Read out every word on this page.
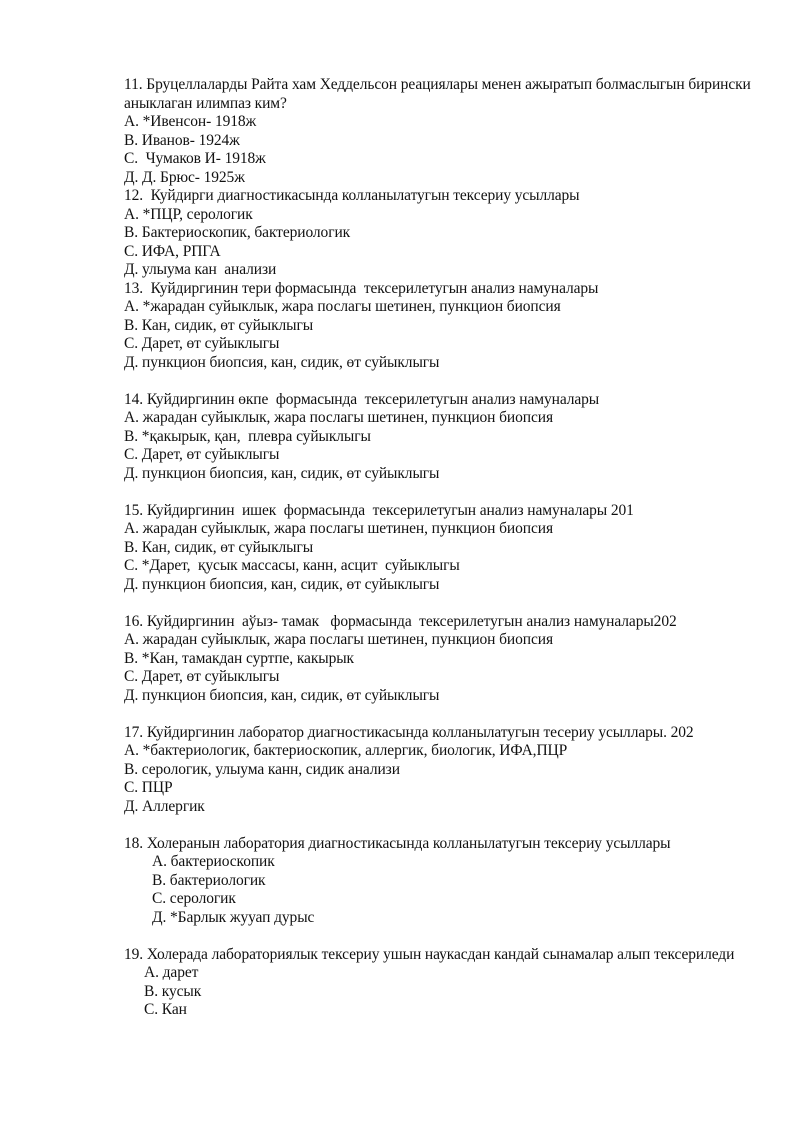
11. Бруцеллаларды Райта хам Хеддельсон реациялары менен ажыратып болмаслыгын бирински аныклаган илимпаз ким?
А. *Ивенсон- 1918ж
В. Иванов- 1924ж
С.  Чумаков И- 1918ж
Д. Д. Брюс- 1925ж
12.  Куйдирги диагностикасында колланылатугын тексериу усыллары
А. *ПЦР, серологик
В. Бактериоскопик, бактериологик
С. ИФА, РПГА
Д. улыума кан  анализи
13.  Куйдиргинин тери формасында  тексерилетугын анализ намуналары
А. *жарадан суйыклык, жара послагы шетинен, пункцион биопсия
В. Кан, сидик, өт суйыклыгы
С. Дарет, өт суйыклыгы
Д. пункцион биопсия, кан, сидик, өт суйыклыгы
14. Куйдиргинин өкпе  формасында  тексерилетугын анализ намуналары
А. жарадан суйыклык, жара послагы шетинен, пункцион биопсия
В. *қакырык, қан,  плевра суйыклыгы
С. Дарет, өт суйыклыгы
Д. пункцион биопсия, кан, сидик, өт суйыклыгы
15. Куйдиргинин  ишек  формасында  тексерилетугын анализ намуналары 201
А. жарадан суйыклык, жара послагы шетинен, пункцион биопсия
В. Кан, сидик, өт суйыклыгы
С. *Дарет,  қусык массасы, канн, асцит  суйыклыгы
Д. пункцион биопсия, кан, сидик, өт суйыклыгы
16. Куйдиргинин  аўыз- тамак   формасында  тексерилетугын анализ намуналары202
А. жарадан суйыклык, жара послагы шетинен, пункцион биопсия
В. *Кан, тамакдан суртпе, какырык
С. Дарет, өт суйыклыгы
Д. пункцион биопсия, кан, сидик, өт суйыклыгы
17. Куйдиргинин лаборатор диагностикасында колланылатугын тесериу усыллары. 202
А. *бактериологик, бактериоскопик, аллергик, биологик, ИФА,ПЦР
В. серологик, улыума канн, сидик анализи
С. ПЦР
Д. Аллергик
18. Холеранын лаборатория диагностикасында колланылатугын тексериу усыллары
А. бактериоскопик
В. бактериологик
С. серологик
Д. *Барлык жууап дурыс
19. Холерада лабораториялык тексериу ушын наукасдан кандай сынамалар алып тексериледи
А. дарет
В. кусык
С. Кан
